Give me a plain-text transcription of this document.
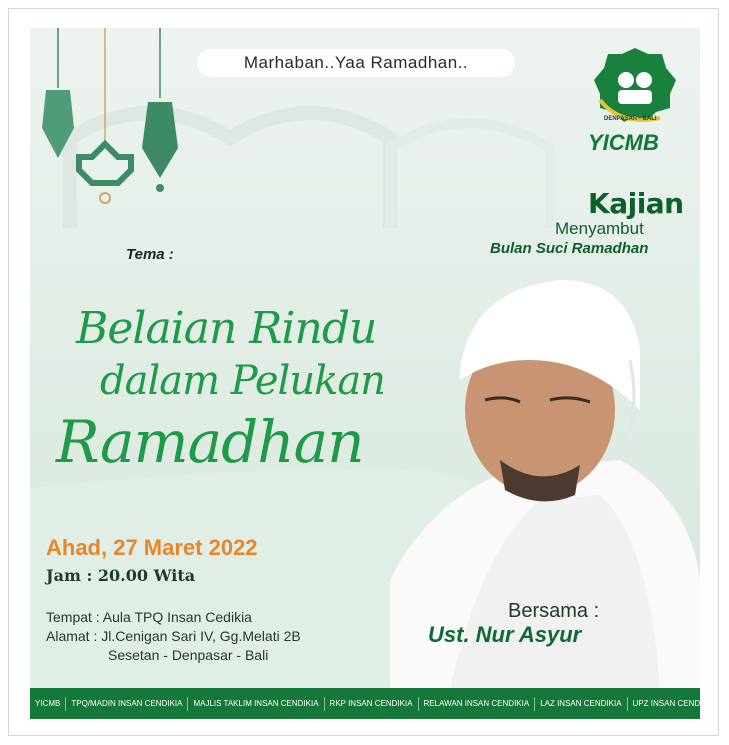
Marhaban..Yaa Ramadhan..
DENPASAR - BALI
YICMB
Kajian
Menyambut
Bulan Suci Ramadhan
Tema :
Belaian Rindu
dalam Pelukan
Ramadhan
Ahad, 27 Maret 2022
Jam : 20.00 Wita
Tempat : Aula TPQ Insan Cedikia
Alamat : Jl.Cenigan Sari IV, Gg.Melati 2B
Sesetan - Denpasar - Bali
Bersama :
Ust. Nur Asyur
YICMB	TPQ/MADIN INSAN CENDIKIA	MAJLIS TAKLIM INSAN CENDIKIA	RKP INSAN CENDIKIA	RELAWAN INSAN CENDIKIA	LAZ INSAN CENDIKIA	UPZ INSAN CENDIKIA
